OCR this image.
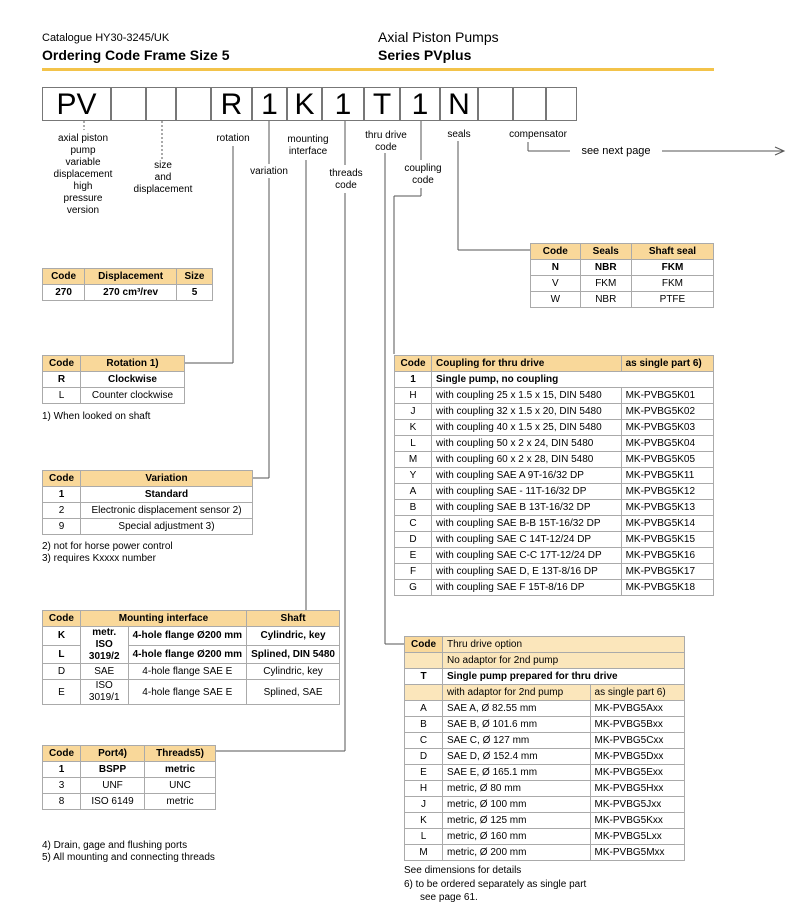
Catalogue HY30-3245/UK
Ordering Code Frame Size 5
Axial Piston Pumps
Series PVplus
PV	R 1 K 1 T 1 N
axial piston
pump
variable
displacement
high
pressure
version
size
and
displacement
rotation
variation
mounting
interface
threads
code
thru drive
code
coupling
code
seals	compensator
see next page
Code	Displacement	Size
270	270 cm³/rev	5
Code	Rotation 1)
R	Clockwise
L	Counter clockwise
1) When looked on shaft
Code	Variation
1	Standard
2	Electronic displacement sensor 2)
9	Special adjustment 3)
2) not for horse power control
3) requires Kxxxx number
Code	Mounting interface		Shaft
K	metr. ISO 3019/2	4-hole flange Ø200 mm	Cylindric, key
L		4-hole flange Ø200 mm	Splined, DIN 5480
D	SAE	4-hole flange SAE E	Cylindric, key
E	ISO 3019/1	4-hole flange SAE E	Splined, SAE
Code	Port4)	Threads5)
1	BSPP	metric
3	UNF	UNC
8	ISO 6149	metric
4) Drain, gage and flushing ports
5) All mounting and connecting threads
Code	Seals	Shaft seal
N	NBR	FKM
V	FKM	FKM
W	NBR	PTFE
Code	Coupling for thru drive	as single part 6)
1	Single pump, no coupling	
H	with coupling 25 x 1.5 x 15, DIN 5480	MK-PVBG5K01
J	with coupling 32 x 1.5 x 20, DIN 5480	MK-PVBG5K02
K	with coupling 40 x 1.5 x 25, DIN 5480	MK-PVBG5K03
L	with coupling 50 x 2 x 24, DIN 5480	MK-PVBG5K04
M	with coupling 60 x 2 x 28, DIN 5480	MK-PVBG5K05
Y	with coupling SAE A 9T-16/32 DP	MK-PVBG5K11
A	with coupling SAE - 11T-16/32 DP	MK-PVBG5K12
B	with coupling SAE B 13T-16/32 DP	MK-PVBG5K13
C	with coupling SAE B-B 15T-16/32 DP	MK-PVBG5K14
D	with coupling SAE C 14T-12/24 DP	MK-PVBG5K15
E	with coupling SAE C-C 17T-12/24 DP	MK-PVBG5K16
F	with coupling SAE D, E 13T-8/16 DP	MK-PVBG5K17
G	with coupling SAE F 15T-8/16 DP	MK-PVBG5K18
Code	Thru drive option	
	No adaptor for 2nd pump	
T	Single pump prepared for thru drive	
	with adaptor for 2nd pump	as single part 6)
A	SAE A, Ø 82.55 mm	MK-PVBG5Axx
B	SAE B, Ø 101.6 mm	MK-PVBG5Bxx
C	SAE C, Ø 127 mm	MK-PVBG5Cxx
D	SAE D, Ø 152.4 mm	MK-PVBG5Dxx
E	SAE E, Ø 165.1 mm	MK-PVBG5Exx
H	metric, Ø 80 mm	MK-PVBG5Hxx
J	metric, Ø 100 mm	MK-PVBG5Jxx
K	metric, Ø 125 mm	MK-PVBG5Kxx
L	metric, Ø 160 mm	MK-PVBG5Lxx
M	metric, Ø 200 mm	MK-PVBG5Mxx
See dimensions for details
6) to be ordered separately as single part
see page 61.
